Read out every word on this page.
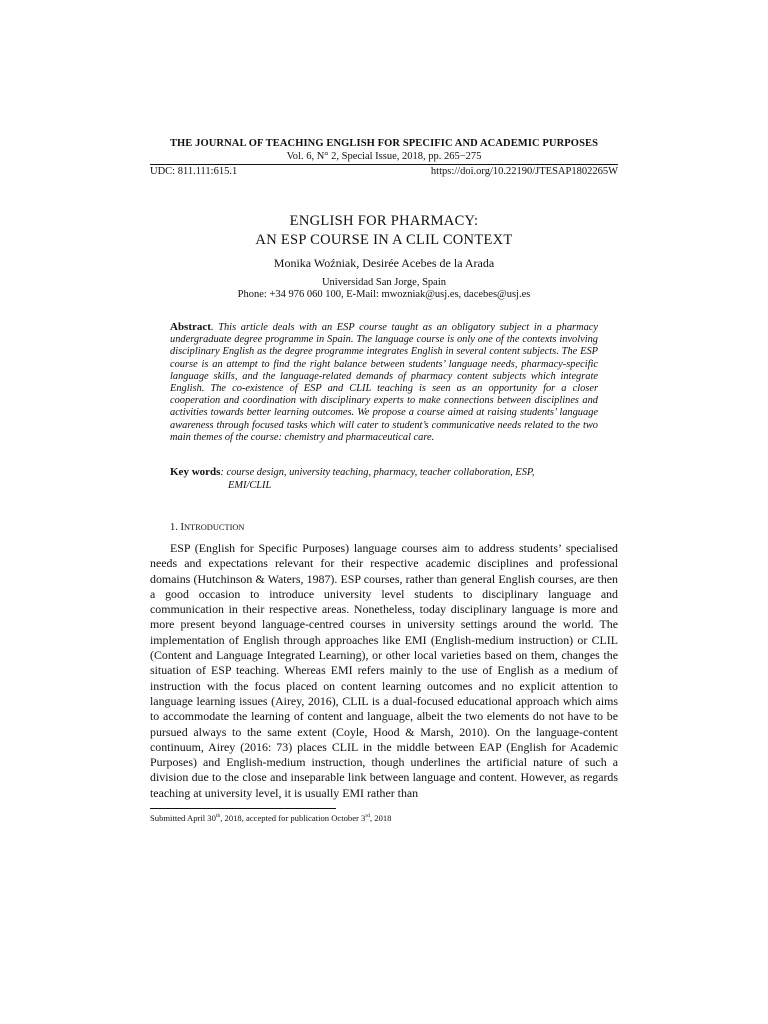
THE JOURNAL OF TEACHING ENGLISH FOR SPECIFIC AND ACADEMIC PURPOSES
Vol. 6, N° 2, Special Issue, 2018, pp. 265−275
UDC: 811.111:615.1	https://doi.org/10.22190/JTESAP1802265W
ENGLISH FOR PHARMACY:
AN ESP COURSE IN A CLIL CONTEXT
Monika Woźniak, Desirée Acebes de la Arada
Universidad San Jorge, Spain
Phone: +34 976 060 100, E-Mail: mwozniak@usj.es, dacebes@usj.es
Abstract. This article deals with an ESP course taught as an obligatory subject in a pharmacy undergraduate degree programme in Spain. The language course is only one of the contexts involving disciplinary English as the degree programme integrates English in several content subjects. The ESP course is an attempt to find the right balance between students’ language needs, pharmacy-specific language skills, and the language-related demands of pharmacy content subjects which integrate English. The co-existence of ESP and CLIL teaching is seen as an opportunity for a closer cooperation and coordination with disciplinary experts to make connections between disciplines and activities towards better learning outcomes. We propose a course aimed at raising students’ language awareness through focused tasks which will cater to student’s communicative needs related to the two main themes of the course: chemistry and pharmaceutical care.
Key words: course design, university teaching, pharmacy, teacher collaboration, ESP,
EMI/CLIL
1. INTRODUCTION
ESP (English for Specific Purposes) language courses aim to address students’ specialised needs and expectations relevant for their respective academic disciplines and professional domains (Hutchinson & Waters, 1987). ESP courses, rather than general English courses, are then a good occasion to introduce university level students to disciplinary language and communication in their respective areas. Nonetheless, today disciplinary language is more and more present beyond language-centred courses in university settings around the world. The implementation of English through approaches like EMI (English-medium instruction) or CLIL (Content and Language Integrated Learning), or other local varieties based on them, changes the situation of ESP teaching. Whereas EMI refers mainly to the use of English as a medium of instruction with the focus placed on content learning outcomes and no explicit attention to language learning issues (Airey, 2016), CLIL is a dual-focused educational approach which aims to accommodate the learning of content and language, albeit the two elements do not have to be pursued always to the same extent (Coyle, Hood & Marsh, 2010). On the language-content continuum, Airey (2016: 73) places CLIL in the middle between EAP (English for Academic Purposes) and English-medium instruction, though underlines the artificial nature of such a division due to the close and inseparable link between language and content. However, as regards teaching at university level, it is usually EMI rather than
Submitted April 30th, 2018, accepted for publication October 3rd, 2018
